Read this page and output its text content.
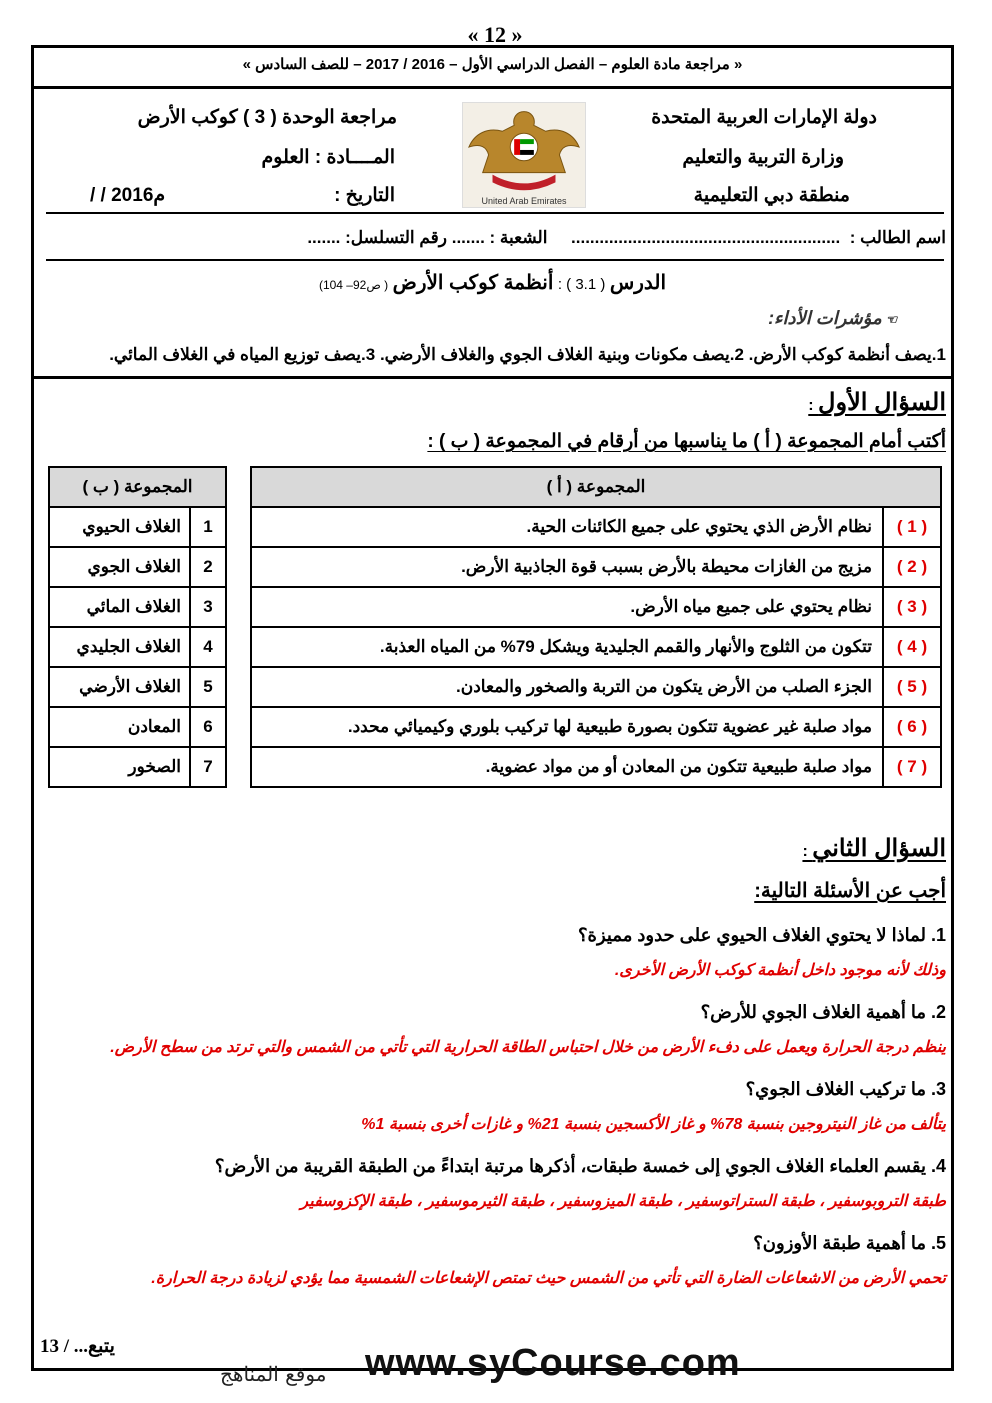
« 12 »
« مراجعة مادة العلوم – الفصل الدراسي الأول – 2016 / 2017 – للصف السادس »
دولة الإمارات العربية المتحدة
وزارة التربية والتعليم
منطقة دبي التعليمية
مراجعة الوحدة ( 3 ) كوكب الأرض
المــــادة : العلوم
التاريخ :
/ / 2016م	United Arab Emirates
اسم الطالب :  .........................................................     الشعبة : ....... رقم التسلسل: .......
الدرس ( 3.1 ) : أنظمة كوكب الأرض ( ص92– 104)
☜ مؤشرات الأداء:
1.يصف أنظمة كوكب الأرض. 2.يصف مكونات وبنية الغلاف الجوي والغلاف الأرضي. 3.يصف توزيع المياه في الغلاف المائي.
السؤال الأول :
أكتب أمام المجموعة ( أ ) ما يناسبها من أرقام في المجموعة ( ب ) :
المجموعة ( أ )	
( 1 )	نظام الأرض الذي يحتوي على جميع الكائنات الحية.
( 2 )	مزيج من الغازات محيطة بالأرض بسبب قوة الجاذبية الأرض.
( 3 )	نظام يحتوي على جميع مياه الأرض.
( 4 )	تتكون من الثلوج والأنهار والقمم الجليدية ويشكل 79% من المياه العذبة.
( 5 )	الجزء الصلب من الأرض يتكون من التربة والصخور والمعادن.
( 6 )	مواد صلبة غير عضوية تتكون بصورة طبيعية لها تركيب بلوري وكيميائي محدد.
( 7 )	مواد صلبة طبيعية تتكون من المعادن أو من مواد عضوية.
المجموعة ( ب )	
1	الغلاف الحيوي
2	الغلاف الجوي
3	الغلاف المائي
4	الغلاف الجليدي
5	الغلاف الأرضي
6	المعادن
7	الصخور
السؤال الثاني :
أجب عن الأسئلة التالية:
1. لماذا لا يحتوي الغلاف الحيوي على حدود مميزة؟
وذلك لأنه موجود داخل أنظمة كوكب الأرض الأخرى.
2. ما أهمية الغلاف الجوي للأرض؟
ينظم درجة الحرارة ويعمل على دفء الأرض من خلال احتباس الطاقة الحرارية التي تأتي من الشمس والتي ترتد من سطح الأرض.
3. ما تركيب الغلاف الجوي؟
يتألف من غاز النيتروجين بنسبة 78% و غاز الأكسجين بنسبة 21% و غازات أخرى بنسبة 1%
4. يقسم العلماء الغلاف الجوي إلى خمسة طبقات، أذكرها مرتبة ابتداءً من الطبقة القريبة من الأرض؟
طبقة التروبوسفير ، طبقة الستراتوسفير ، طبقة الميزوسفير ، طبقة الثيرموسفير ، طبقة الإكزوسفير
5. ما أهمية طبقة الأوزون؟
تحمي الأرض من الاشعاعات الضارة التي تأتي من الشمس حيث تمتص الإشعاعات الشمسية مما يؤدي لزيادة درجة الحرارة.
يتبع... / 13	www.syCourse.com
موقع المناهج
